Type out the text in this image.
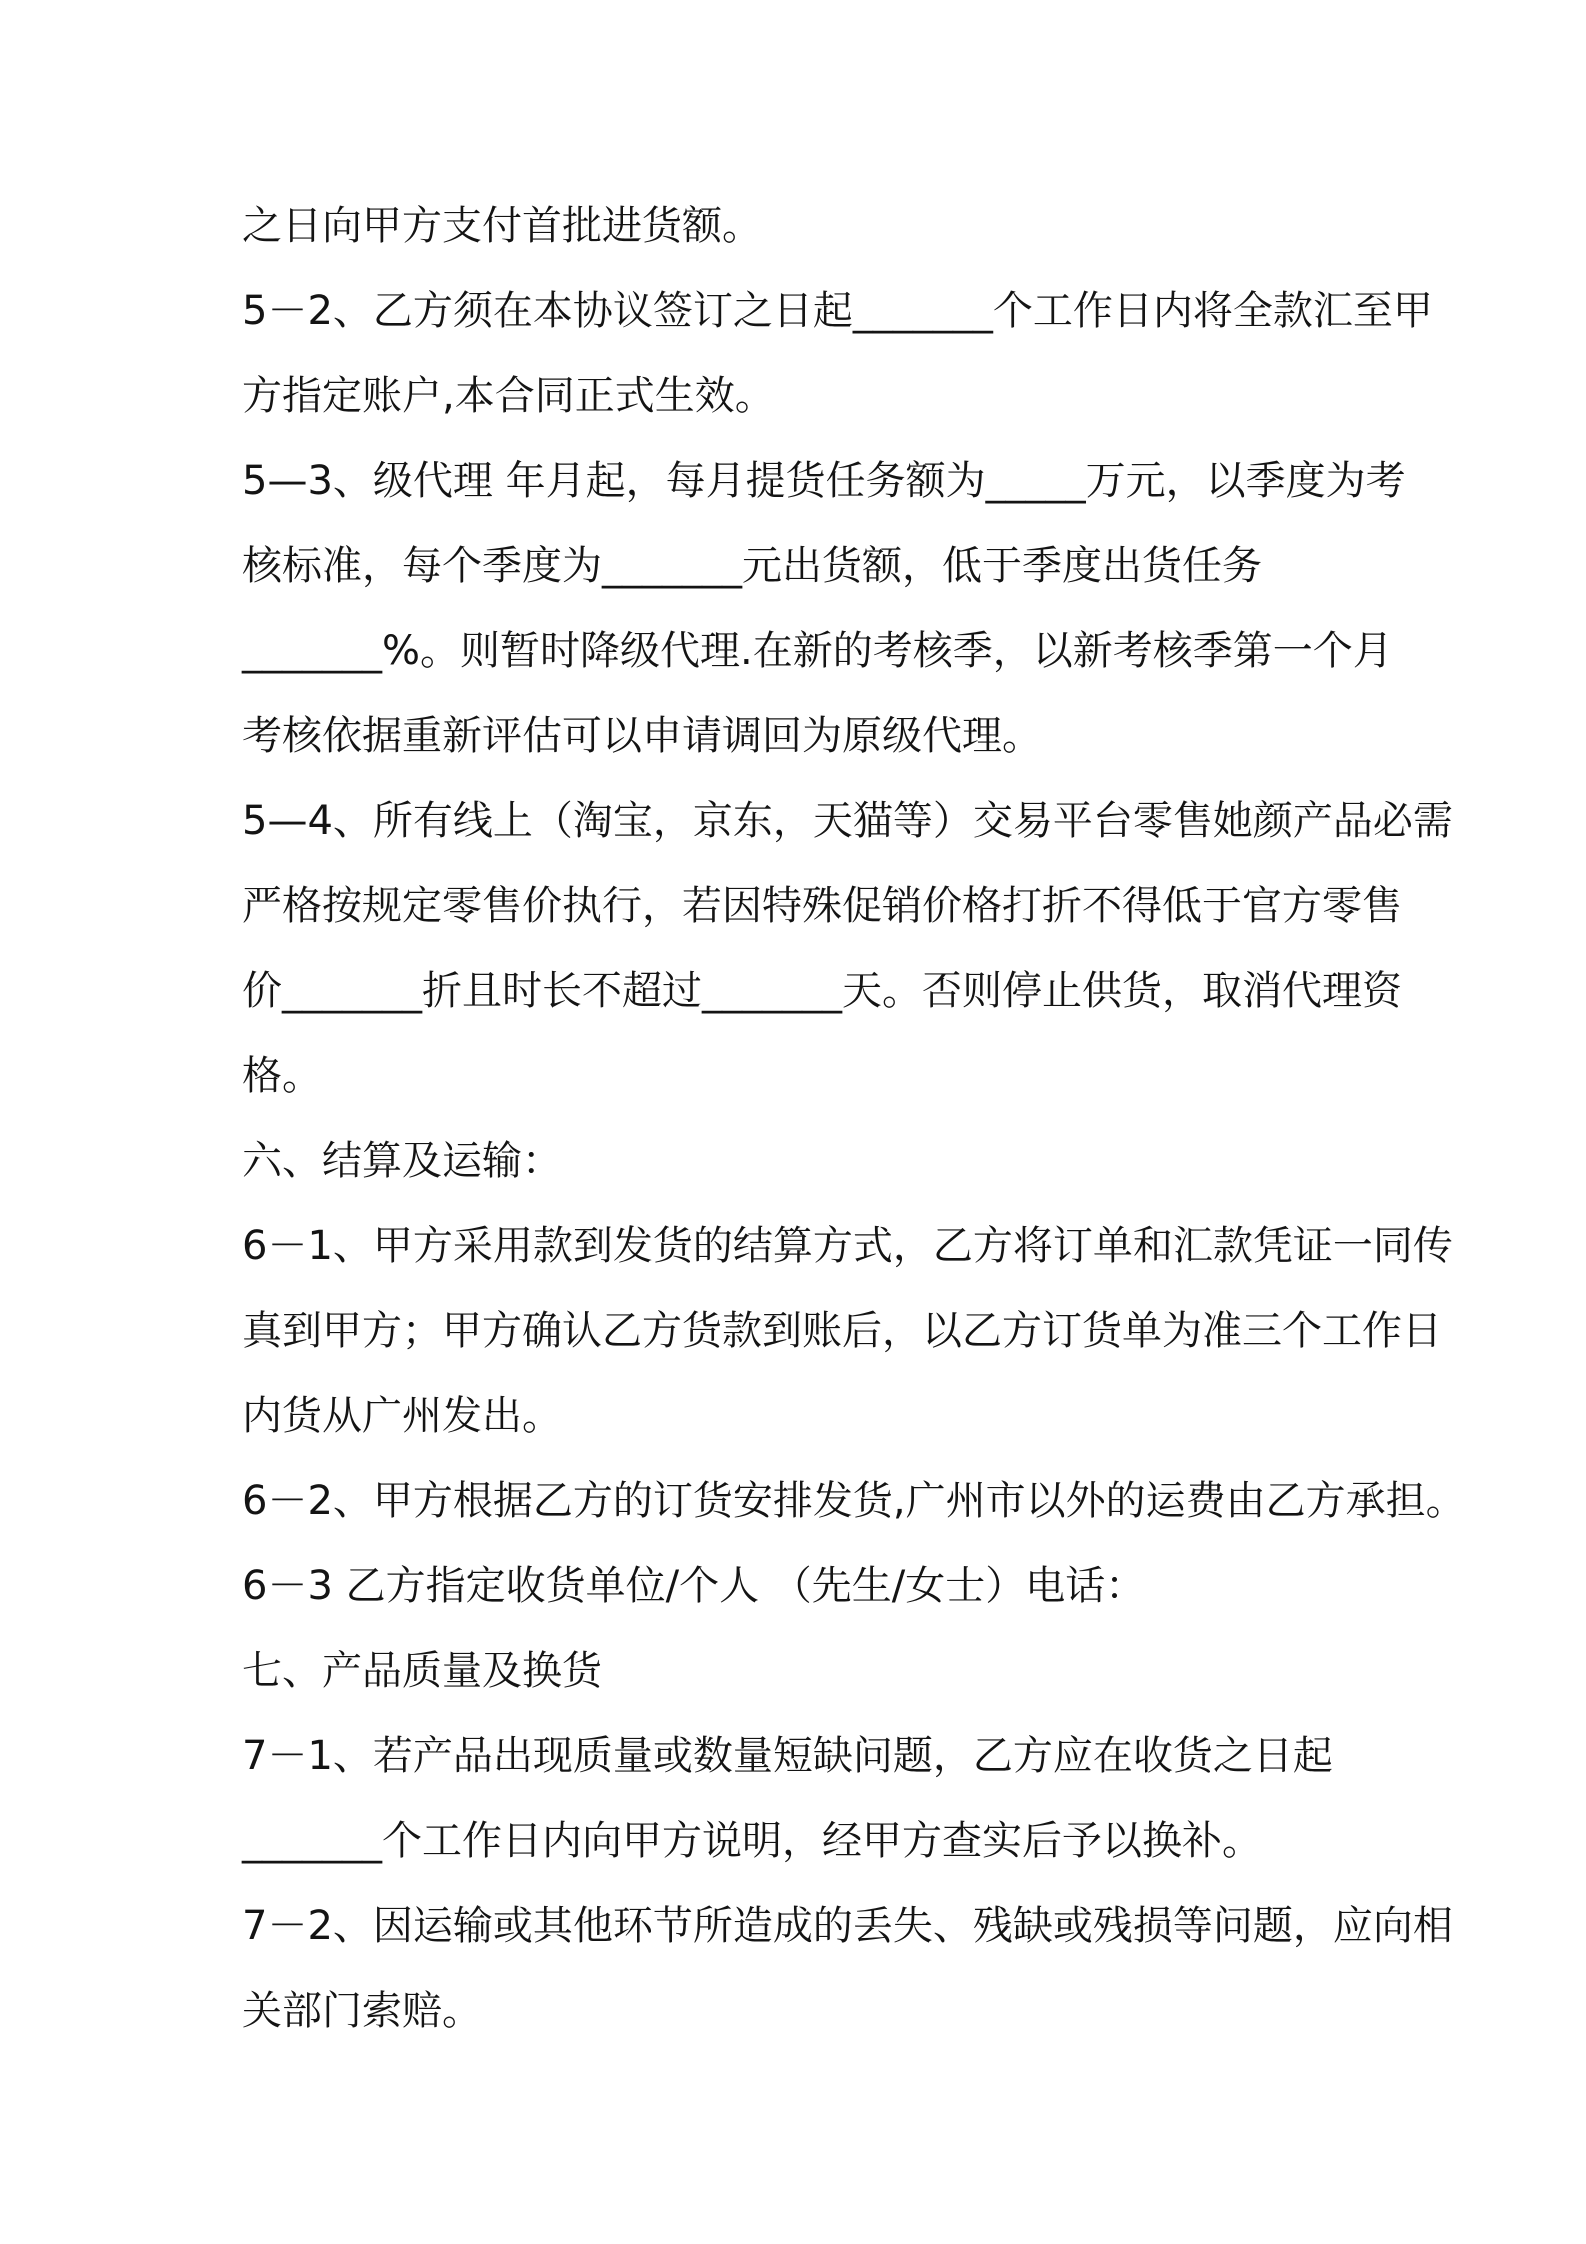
之日向甲方支付首批进货额。
5－2、乙方须在本协议签订之日起_______个工作日内将全款汇至甲
方指定账户,本合同正式生效。
5—3、级代理 年月起，每月提货任务额为_____万元，以季度为考
核标准，每个季度为_______元出货额，低于季度出货任务
_______%。则暂时降级代理.在新的考核季，以新考核季第一个月
考核依据重新评估可以申请调回为原级代理。
5—4、所有线上（淘宝，京东，天猫等）交易平台零售她颜产品必需
严格按规定零售价执行，若因特殊促销价格打折不得低于官方零售
价_______折且时长不超过_______天。否则停止供货，取消代理资
格。
六、结算及运输：
6－1、甲方采用款到发货的结算方式，乙方将订单和汇款凭证一同传
真到甲方；甲方确认乙方货款到账后，以乙方订货单为准三个工作日
内货从广州发出。
6－2、甲方根据乙方的订货安排发货,广州市以外的运费由乙方承担。
6－3 乙方指定收货单位/个人 （先生/女士）电话：
七、产品质量及换货
7－1、若产品出现质量或数量短缺问题，乙方应在收货之日起
_______个工作日内向甲方说明，经甲方查实后予以换补。
7－2、因运输或其他环节所造成的丢失、残缺或残损等问题，应向相
关部门索赔。
